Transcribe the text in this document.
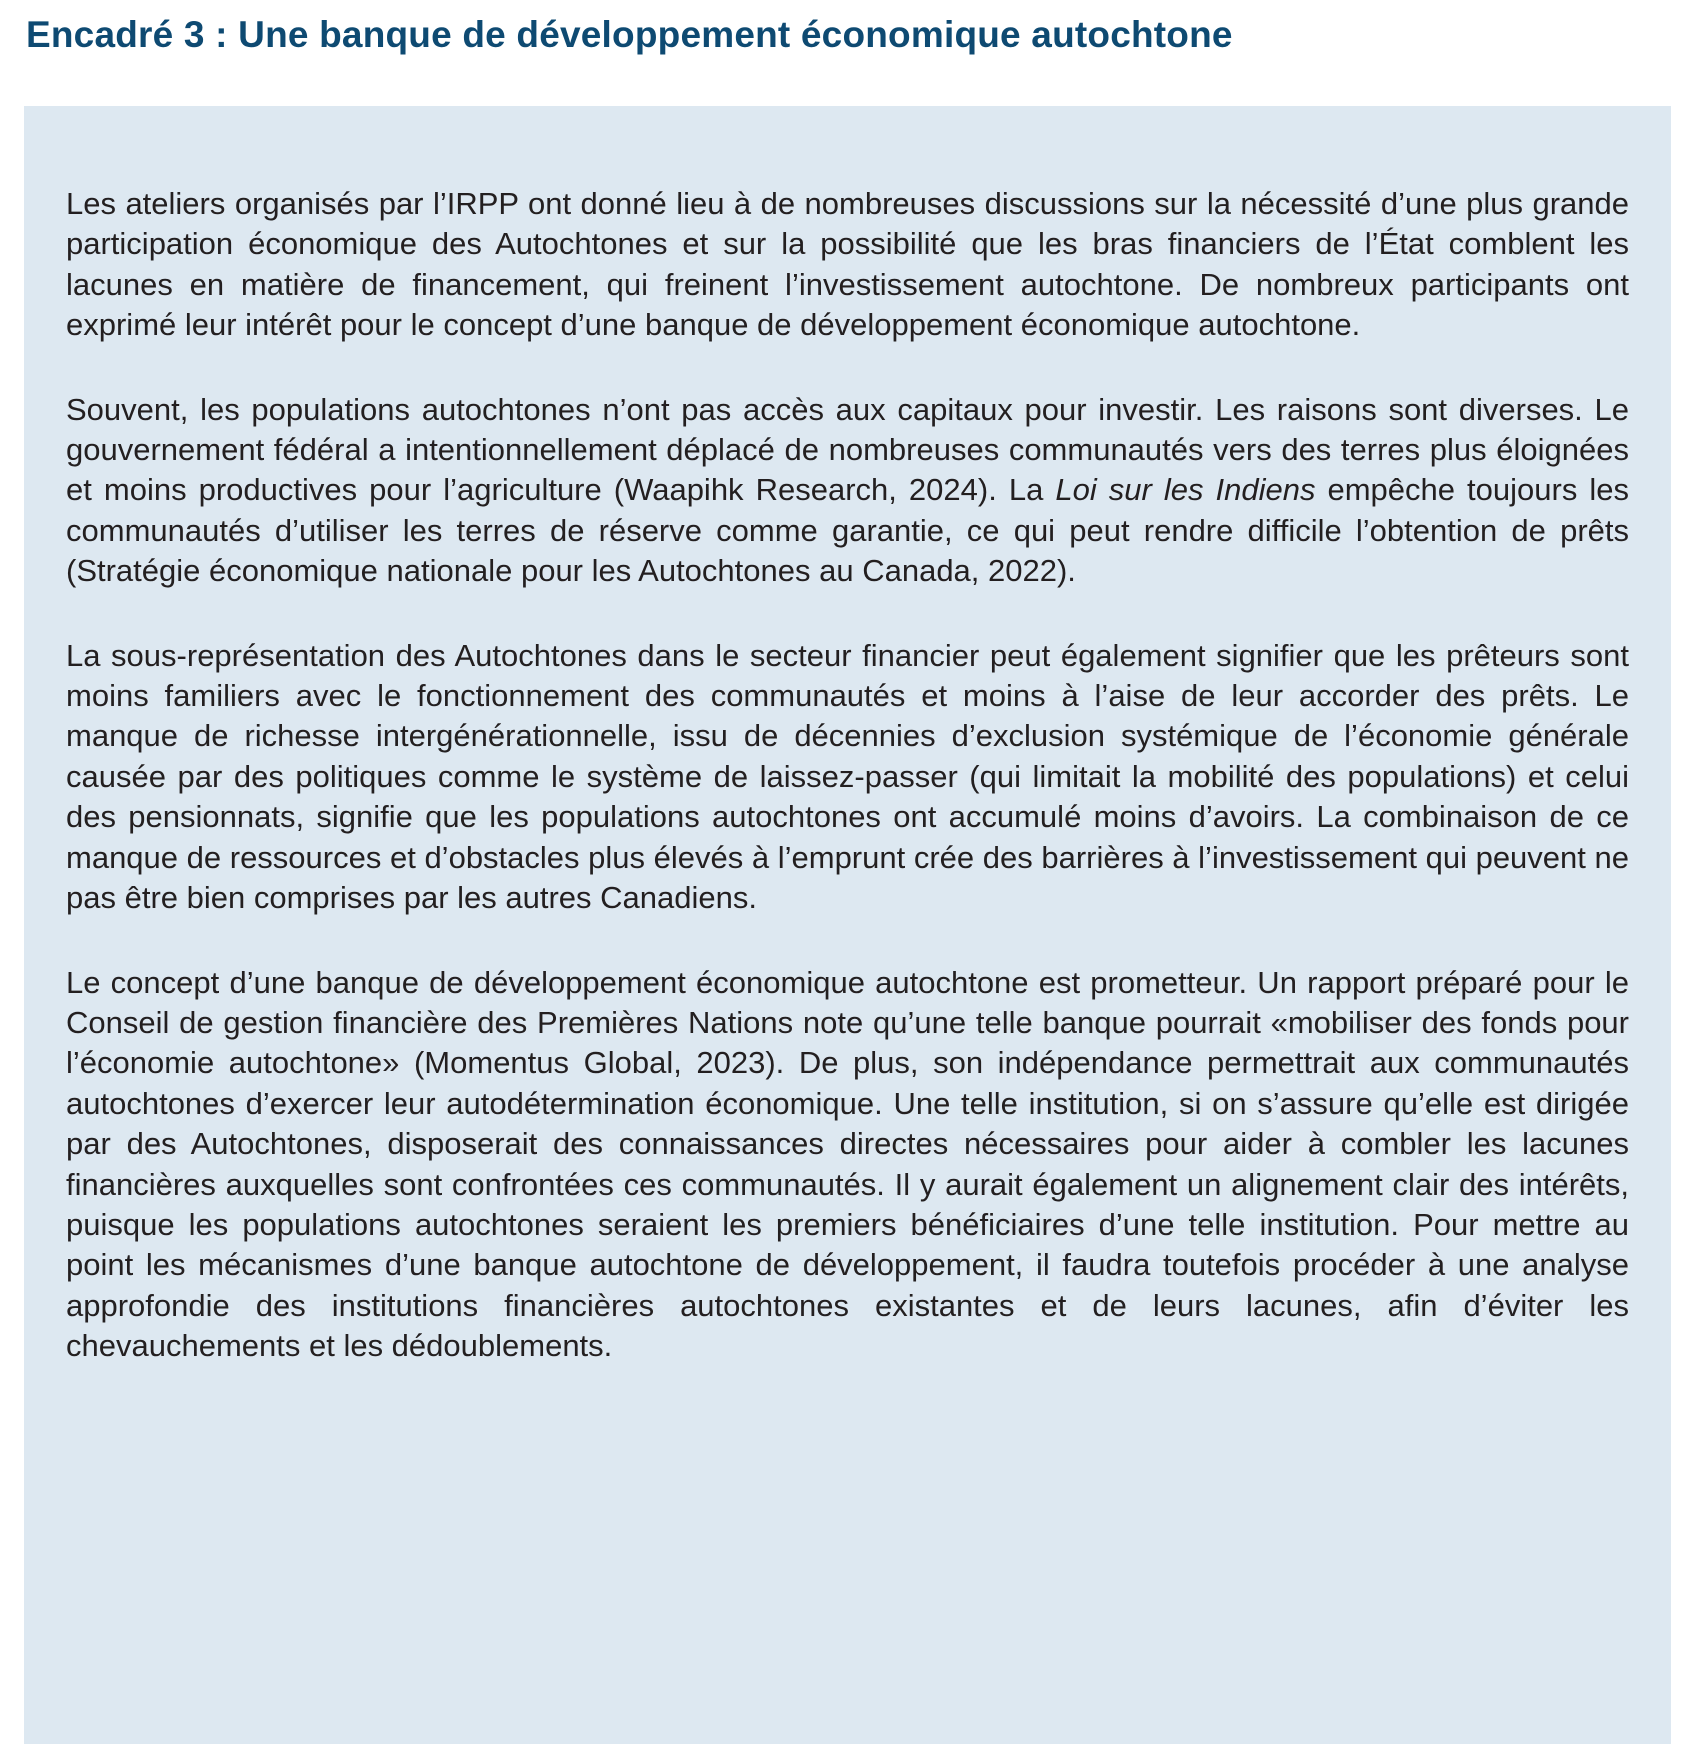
Encadré 3 : Une banque de développement économique autochtone

Les ateliers organisés par l’IRPP ont donné lieu à de nombreuses discussions sur la nécessité d’une plus grande participation économique des Autochtones et sur la possibilité que les bras financiers de l’État comblent les lacunes en matière de financement, qui freinent l’investissement autochtone. De nombreux participants ont exprimé leur intérêt pour le concept d’une banque de développement économique autochtone.

Souvent, les populations autochtones n’ont pas accès aux capitaux pour investir. Les raisons sont diverses. Le gouvernement fédéral a intentionnellement déplacé de nombreuses communautés vers des terres plus éloignées et moins productives pour l’agriculture (Waapihk Research, 2024). La Loi sur les Indiens empêche toujours les communautés d’utiliser les terres de réserve comme garantie, ce qui peut rendre difficile l’obtention de prêts (Stratégie économique nationale pour les Autochtones au Canada, 2022).

La sous-représentation des Autochtones dans le secteur financier peut également signifier que les prêteurs sont moins familiers avec le fonctionnement des communautés et moins à l’aise de leur accorder des prêts. Le manque de richesse intergénérationnelle, issu de décennies d’exclusion systémique de l’économie générale causée par des politiques comme le système de laissez-passer (qui limitait la mobilité des populations) et celui des pensionnats, signifie que les populations autochtones ont accumulé moins d’avoirs. La combinaison de ce manque de ressources et d’obstacles plus élevés à l’emprunt crée des barrières à l’investissement qui peuvent ne pas être bien comprises par les autres Canadiens.

Le concept d’une banque de développement économique autochtone est prometteur. Un rapport préparé pour le Conseil de gestion financière des Premières Nations note qu’une telle banque pourrait «mobiliser des fonds pour l’économie autochtone» (Momentus Global, 2023). De plus, son indépendance permettrait aux communautés autochtones d’exercer leur autodétermination économique. Une telle institution, si on s’assure qu’elle est dirigée par des Autochtones, disposerait des connaissances directes nécessaires pour aider à combler les lacunes financières auxquelles sont confrontées ces communautés. Il y aurait également un alignement clair des intérêts, puisque les populations autochtones seraient les premiers bénéficiaires d’une telle institution. Pour mettre au point les mécanismes d’une banque autochtone de développement, il faudra toutefois procéder à une analyse approfondie des institutions financières autochtones existantes et de leurs lacunes, afin d’éviter les chevauchements et les dédoublements.
